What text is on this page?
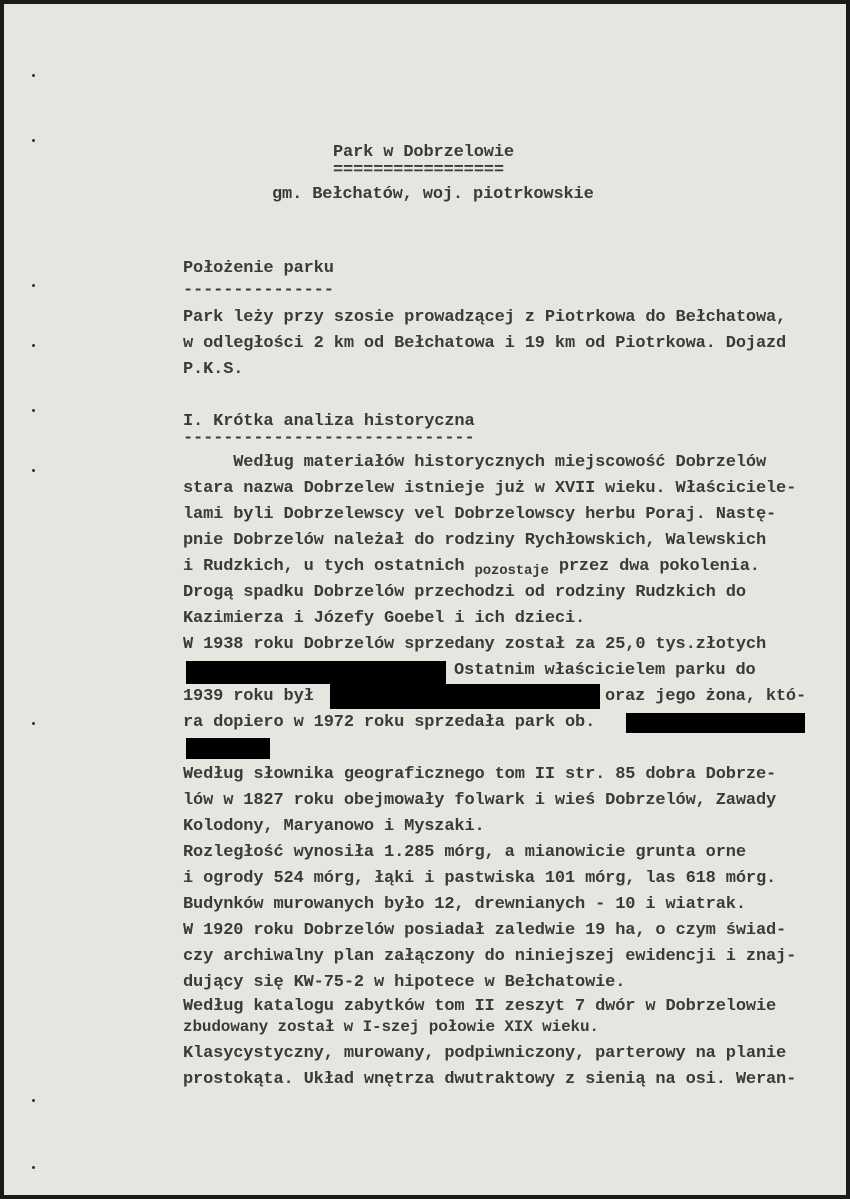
Park w Dobrzelowie
=================
gm. Bełchatów, woj. piotrkowskie
Położenie parku
---------------
Park leży przy szosie prowadzącej z Piotrkowa do Bełchatowa,
w odległości 2 km od Bełchatowa i 19 km od Piotrkowa. Dojazd
P.K.S.
I. Krótka analiza historyczna
-----------------------------
Według materiałów historycznych miejscowość Dobrzelów
stara nazwa Dobrzelew istnieje już w XVII wieku. Właściciele-
lami byli Dobrzelewscy vel Dobrzelowscy herbu Poraj. Nastę-
pnie Dobrzelów należał do rodziny Rychłowskich, Walewskich
i Rudzkich, u tych ostatnich $_{pozostaje}$ przez dwa pokolenia.
Drogą spadku Dobrzelów przechodzi od rodziny Rudzkich do
Kazimierza i Józefy Goebel i ich dzieci.
W 1938 roku Dobrzelów sprzedany został za 25,0 tys.złotych
Ostatnim właścicielem parku do
1939 roku był	oraz jego żona, któ-
ra dopiero w 1972 roku sprzedała park ob.
Według słownika geograficznego tom II str. 85 dobra Dobrze-
lów w 1827 roku obejmowały folwark i wieś Dobrzelów, Zawady
Kolodony, Maryanowo i Myszaki.
Rozległość wynosiła 1.285 mórg, a mianowicie grunta orne
i ogrody 524 mórg, łąki i pastwiska 101 mórg, las 618 mórg.
Budynków murowanych było 12, drewnianych - 10 i wiatrak.
W 1920 roku Dobrzelów posiadał zaledwie 19 ha, o czym świad-
czy archiwalny plan załączony do niniejszej ewidencji i znaj-
dujący się KW-75-2 w hipotece w Bełchatowie.
Według katalogu zabytków tom II zeszyt 7 dwór w Dobrzelowie
zbudowany został w I-szej połowie XIX wieku.
Klasycystyczny, murowany, podpiwniczony, parterowy na planie
prostokąta. Układ wnętrza dwutraktowy z sienią na osi. Weran-
